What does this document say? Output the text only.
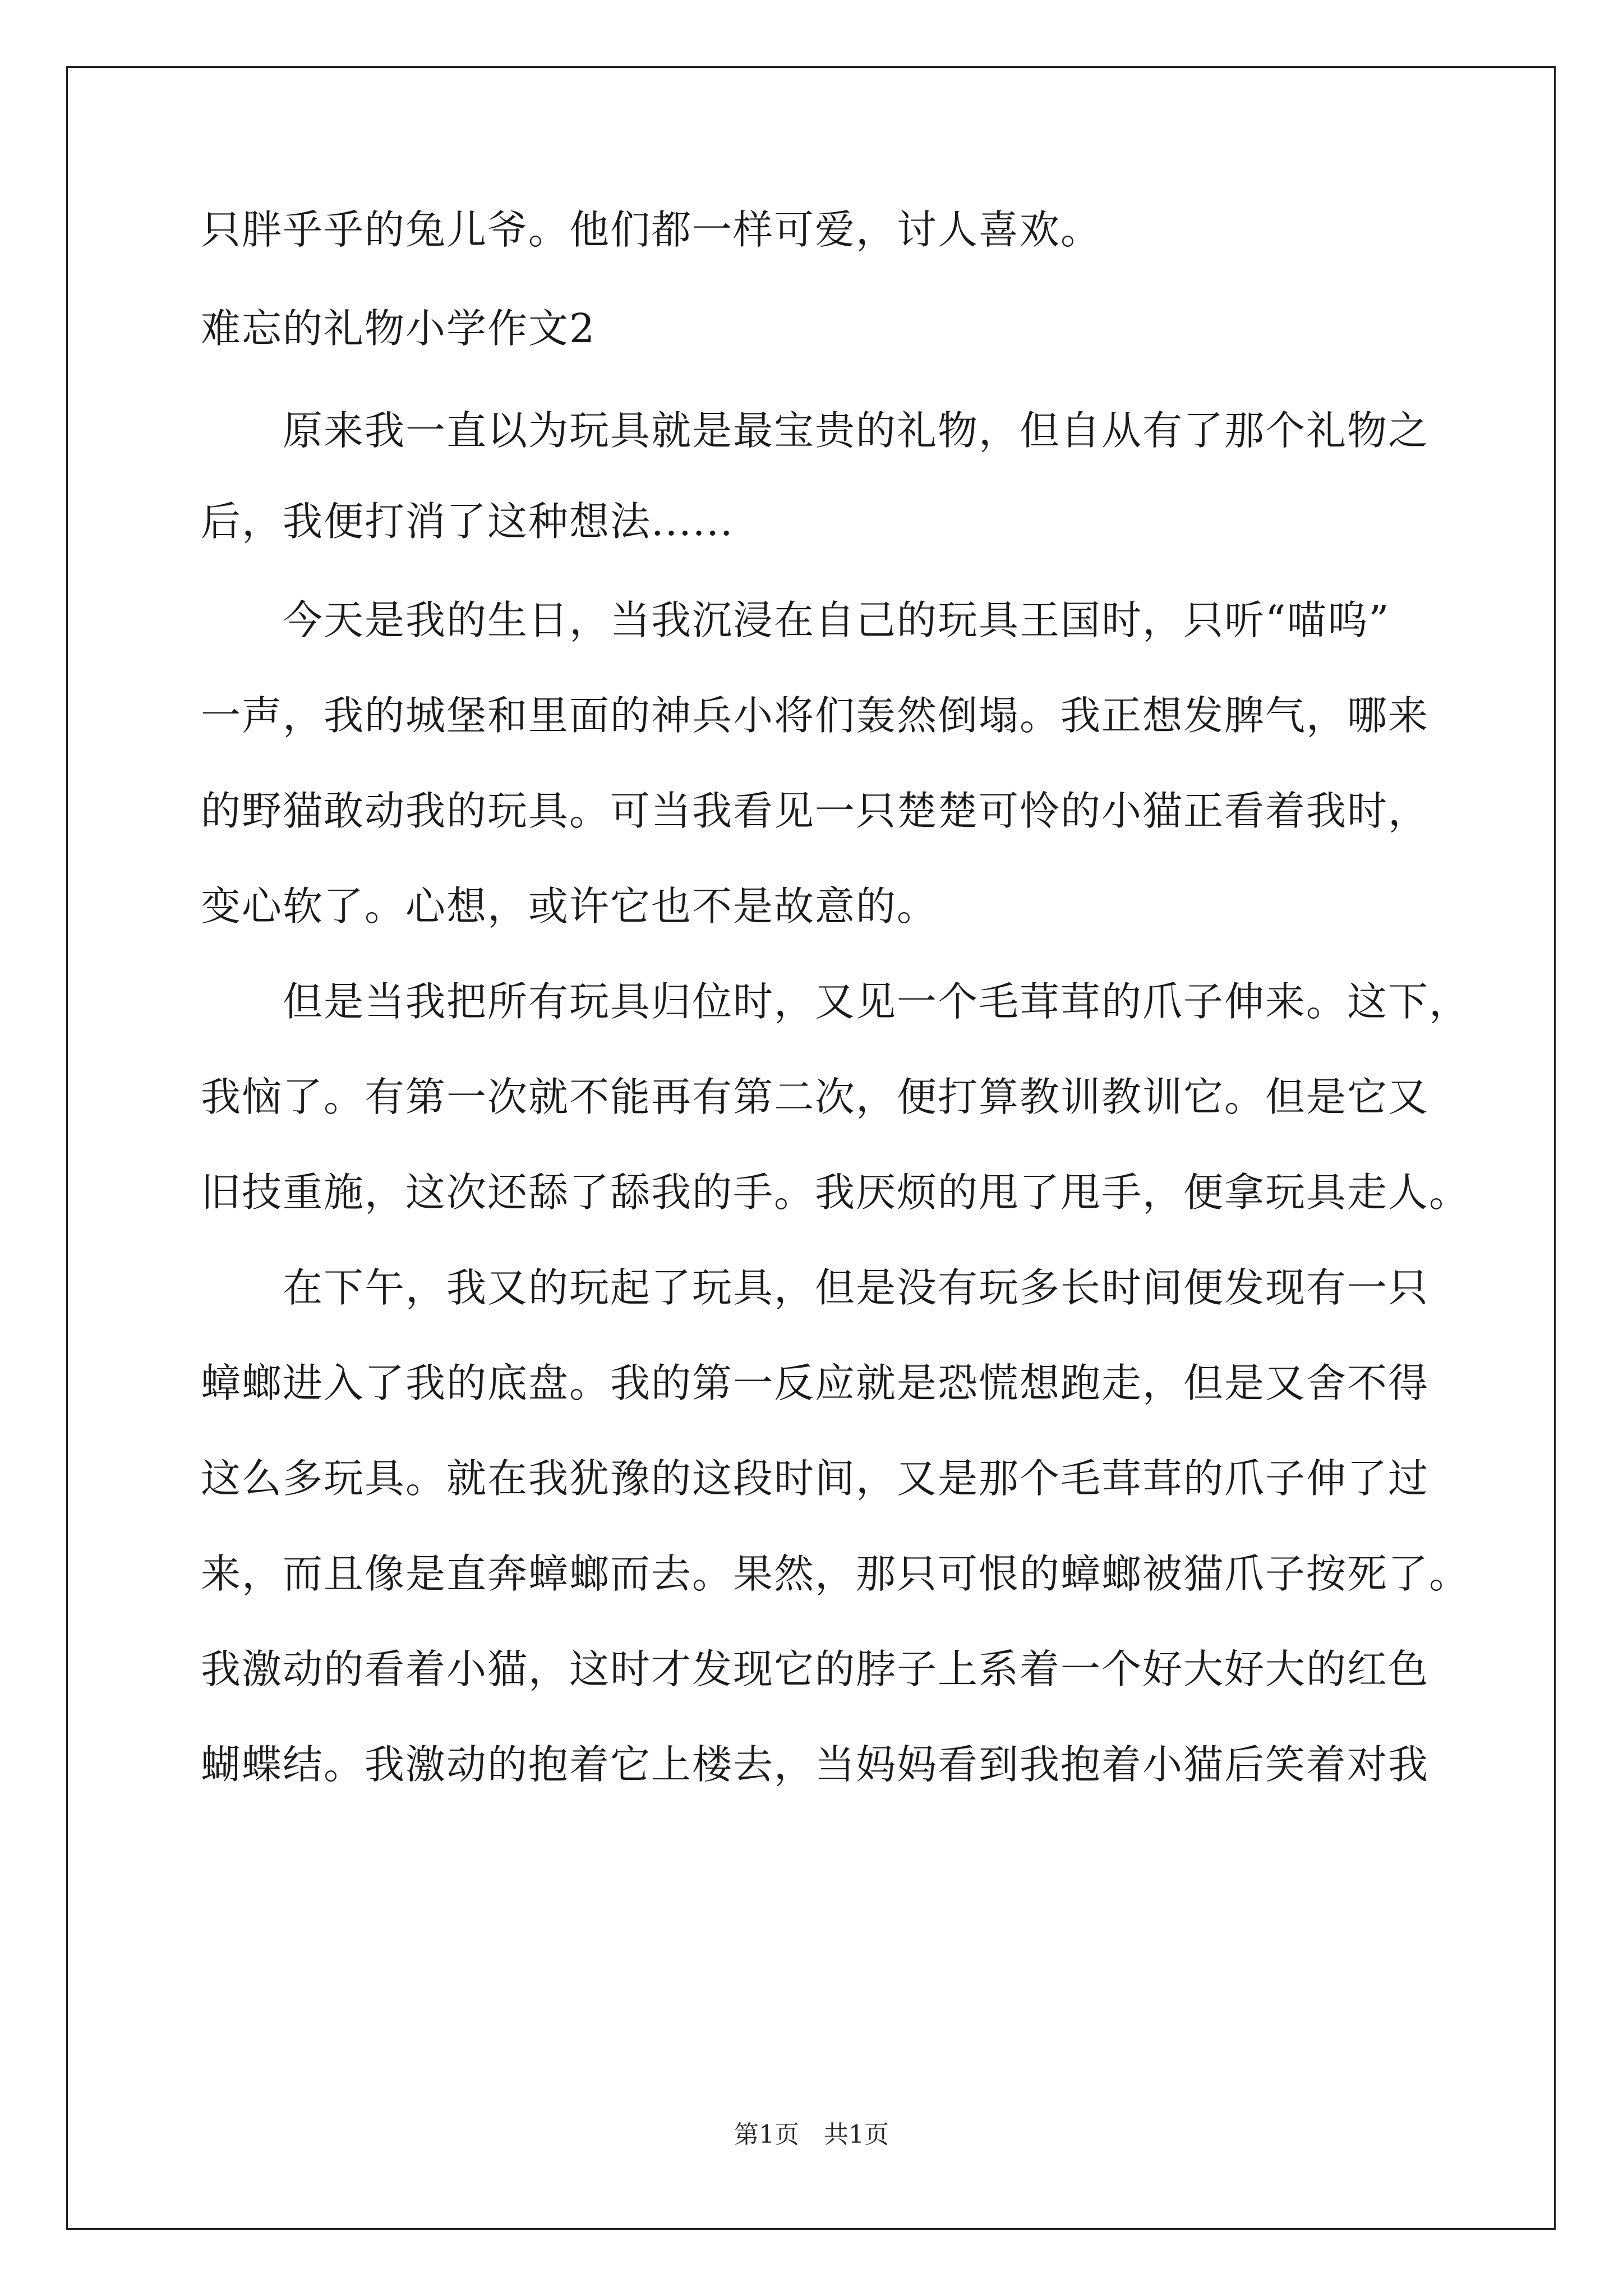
只胖乎乎的兔儿爷。他们都一样可爱，讨人喜欢。
难忘的礼物小学作文2
　　原来我一直以为玩具就是最宝贵的礼物，但自从有了那个礼物之
后，我便打消了这种想法......
　　今天是我的生日，当我沉浸在自己的玩具王国时，只听“喵呜”
一声，我的城堡和里面的神兵小将们轰然倒塌。我正想发脾气，哪来
的野猫敢动我的玩具。可当我看见一只楚楚可怜的小猫正看着我时，
变心软了。心想，或许它也不是故意的。
　　但是当我把所有玩具归位时，又见一个毛茸茸的爪子伸来。这下，
我恼了。有第一次就不能再有第二次，便打算教训教训它。但是它又
旧技重施，这次还舔了舔我的手。我厌烦的甩了甩手，便拿玩具走人。
　　在下午，我又的玩起了玩具，但是没有玩多长时间便发现有一只
蟑螂进入了我的底盘。我的第一反应就是恐慌想跑走，但是又舍不得
这么多玩具。就在我犹豫的这段时间，又是那个毛茸茸的爪子伸了过
来，而且像是直奔蟑螂而去。果然，那只可恨的蟑螂被猫爪子按死了。
我激动的看着小猫，这时才发现它的脖子上系着一个好大好大的红色
蝴蝶结。我激动的抱着它上楼去，当妈妈看到我抱着小猫后笑着对我
第1页　共1页
